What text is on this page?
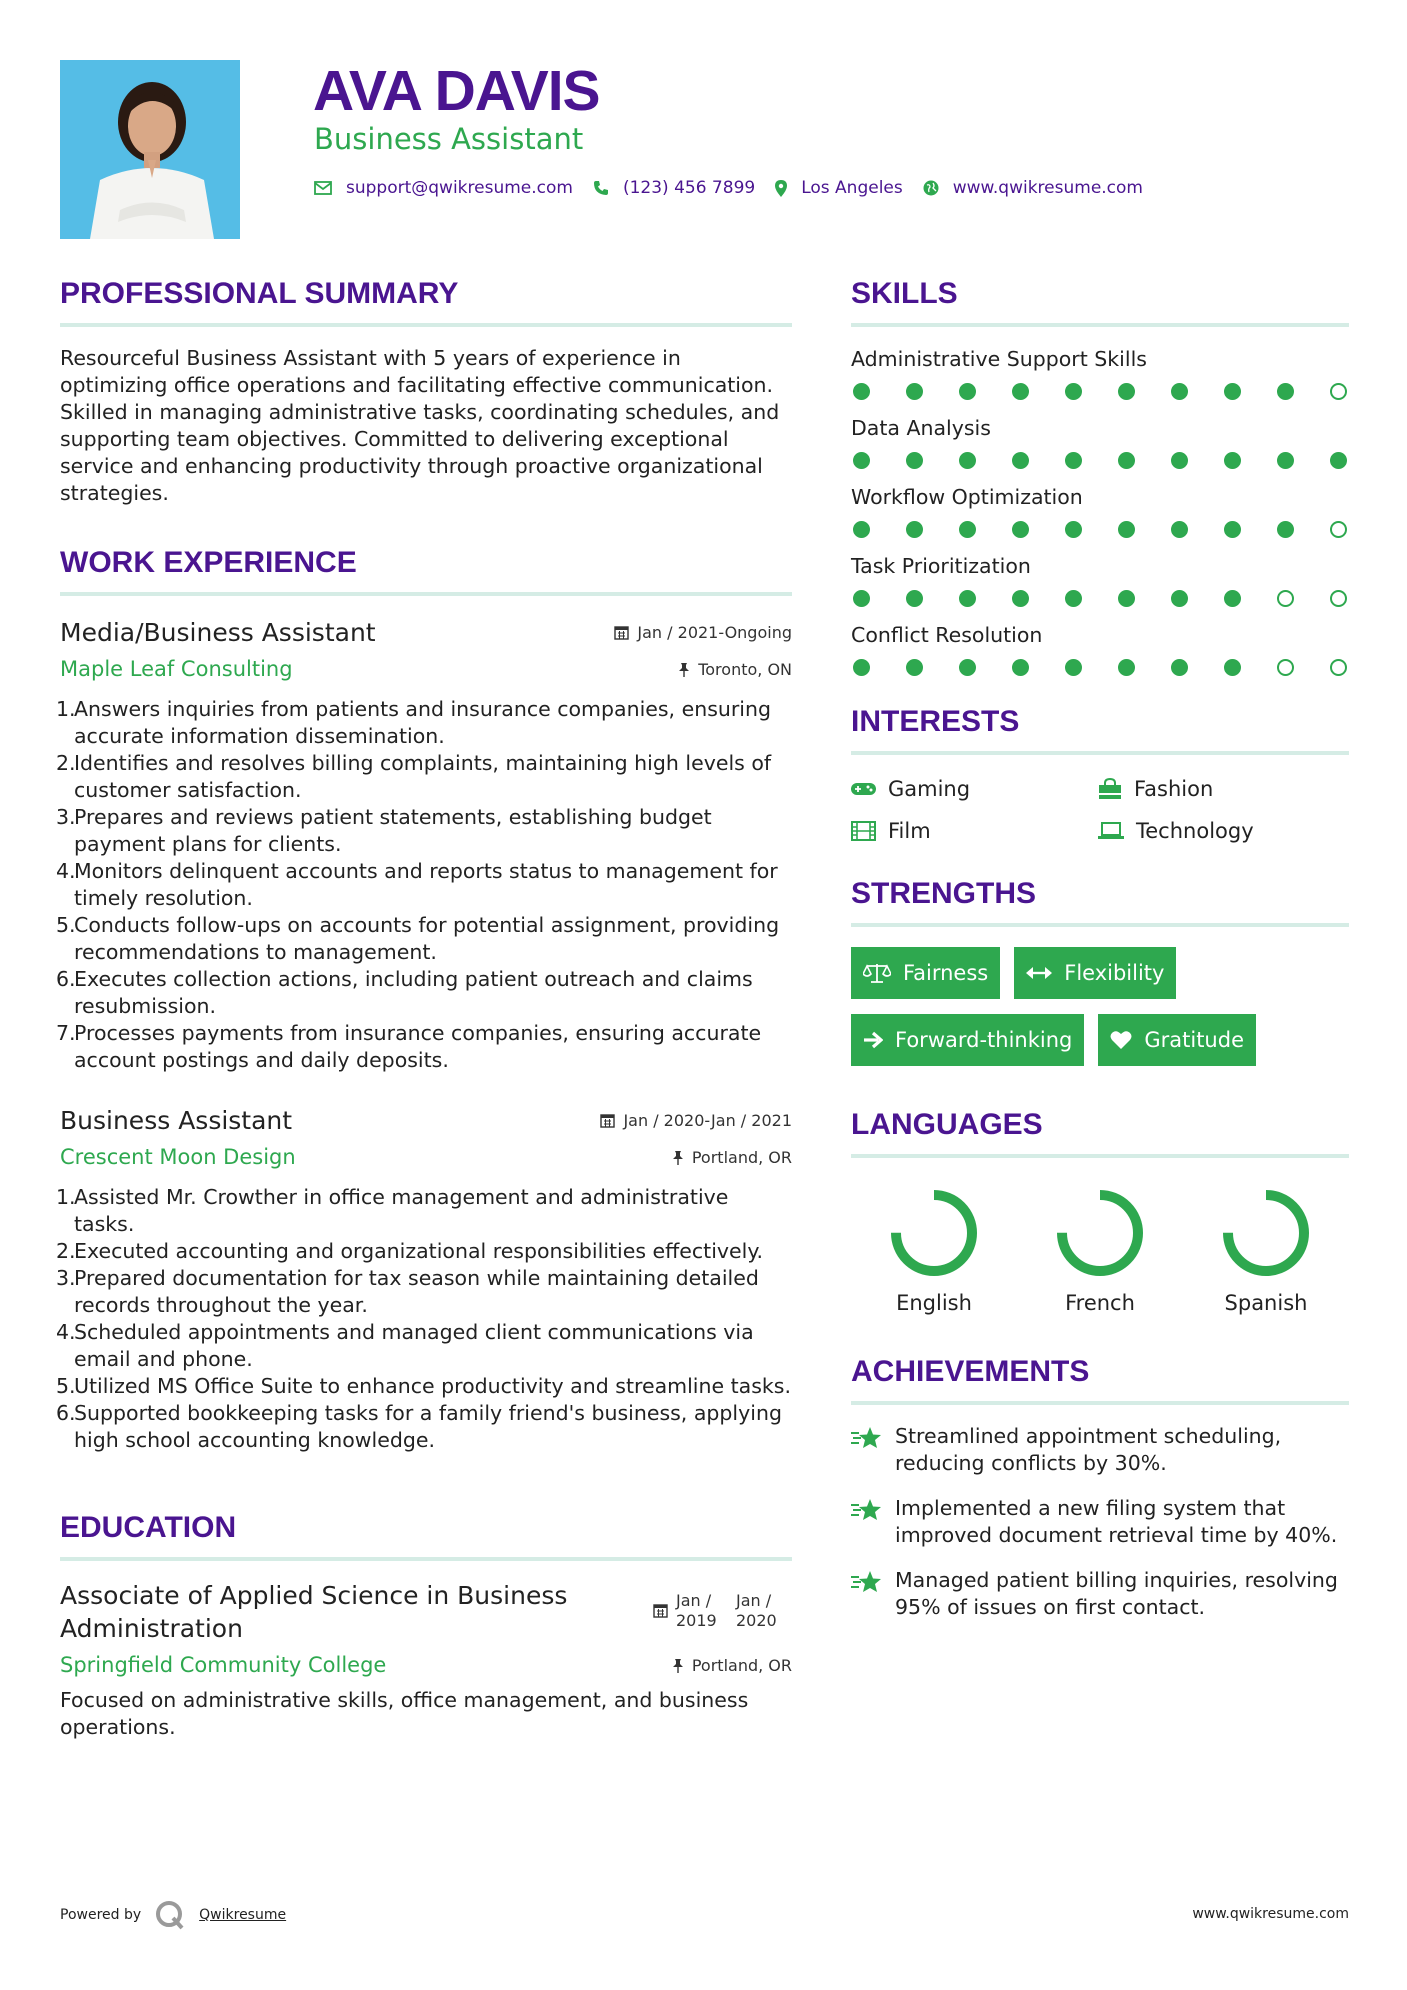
AVA DAVIS
Business Assistant
support@qwikresume.com	(123) 456 7899	Los Angeles	www.qwikresume.com
PROFESSIONAL SUMMARY
Resourceful Business Assistant with 5 years of experience in optimizing office operations and facilitating effective communication. Skilled in managing administrative tasks, coordinating schedules, and supporting team objectives. Committed to delivering exceptional service and enhancing productivity through proactive organizational strategies.
WORK EXPERIENCE
Media/Business Assistant	Jan / 2021-Ongoing
Maple Leaf Consulting	Toronto, ON
1.
Answers inquiries from patients and insurance companies, ensuring accurate information dissemination.
2.
Identifies and resolves billing complaints, maintaining high levels of customer satisfaction.
3.
Prepares and reviews patient statements, establishing budget payment plans for clients.
4.
Monitors delinquent accounts and reports status to management for timely resolution.
5.
Conducts follow-ups on accounts for potential assignment, providing recommendations to management.
6.
Executes collection actions, including patient outreach and claims resubmission.
7.
Processes payments from insurance companies, ensuring accurate account postings and daily deposits.
Business Assistant	Jan / 2020-Jan / 2021
Crescent Moon Design	Portland, OR
1.
Assisted Mr. Crowther in office management and administrative tasks.
2.
Executed accounting and organizational responsibilities effectively.
3.
Prepared documentation for tax season while maintaining detailed records throughout the year.
4.
Scheduled appointments and managed client communications via email and phone.
5.
Utilized MS Office Suite to enhance productivity and streamline tasks.
6.
Supported bookkeeping tasks for a family friend's business, applying high school accounting knowledge.
EDUCATION
Associate of Applied Science in Business Administration
Jan / 2019
Jan / 2020
Springfield Community College	Portland, OR
Focused on administrative skills, office management, and business operations.
SKILLS
Administrative Support Skills
Data Analysis
Workflow Optimization
Task Prioritization
Conflict Resolution
INTERESTS
Gaming	Fashion
Film	Technology
STRENGTHS
Fairness	Flexibility
Forward-thinking	Gratitude
LANGUAGES
English	French	Spanish
ACHIEVEMENTS
Streamlined appointment scheduling, reducing conflicts by 30%.
Implemented a new filing system that improved document retrieval time by 40%.
Managed patient billing inquiries, resolving 95% of issues on first contact.
Powered by	Qwikresume	www.qwikresume.com
